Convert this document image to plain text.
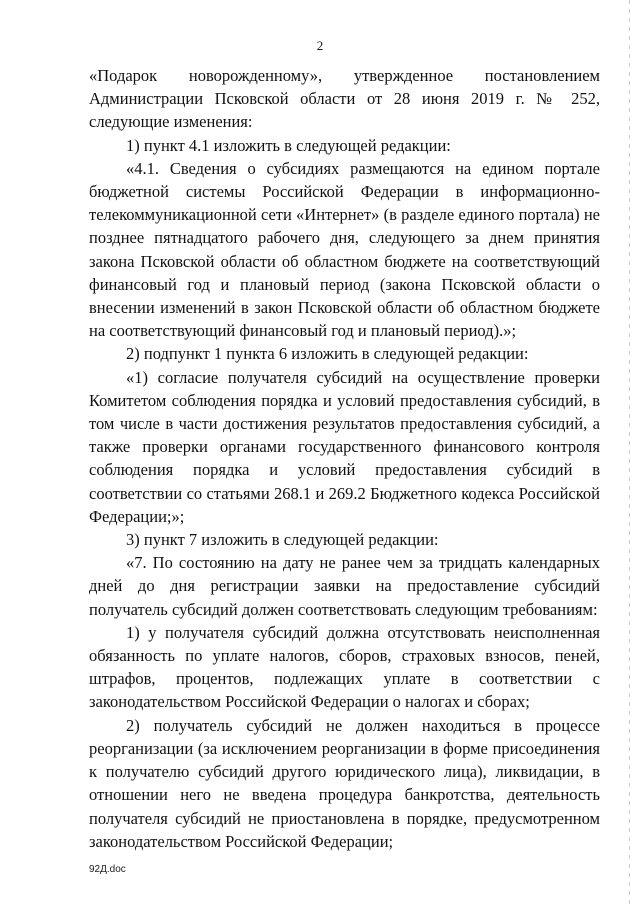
2

«Подарок новорожденному», утвержденное постановлением Администрации Псковской области от 28 июня 2019 г. № 252, следующие изменения:

1) пункт 4.1 изложить в следующей редакции:

«4.1. Сведения о субсидиях размещаются на едином портале бюджетной системы Российской Федерации в информационно-телекоммуникационной сети «Интернет» (в разделе единого портала) не позднее пятнадцатого рабочего дня, следующего за днем принятия закона Псковской области об областном бюджете на соответствующий финансовый год и плановый период (закона Псковской области о внесении изменений в закон Псковской области об областном бюджете на соответствующий финансовый год и плановый период).»;

2) подпункт 1 пункта 6 изложить в следующей редакции:

«1) согласие получателя субсидий на осуществление проверки Комитетом соблюдения порядка и условий предоставления субсидий, в том числе в части достижения результатов предоставления субсидий, а также проверки органами государственного финансового контроля соблюдения порядка и условий предоставления субсидий в соответствии со статьями 268.1 и 269.2 Бюджетного кодекса Российской Федерации;»;

3) пункт 7 изложить в следующей редакции:

«7. По состоянию на дату не ранее чем за тридцать календарных дней до дня регистрации заявки на предоставление субсидий получатель субсидий должен соответствовать следующим требованиям:

1) у получателя субсидий должна отсутствовать неисполненная обязанность по уплате налогов, сборов, страховых взносов, пеней, штрафов, процентов, подлежащих уплате в соответствии с законодательством Российской Федерации о налогах и сборах;

2) получатель субсидий не должен находиться в процессе реорганизации (за исключением реорганизации в форме присоединения к получателю субсидий другого юридического лица), ликвидации, в отношении него не введена процедура банкротства, деятельность получателя субсидий не приостановлена в порядке, предусмотренном законодательством Российской Федерации;

92Д.doc
